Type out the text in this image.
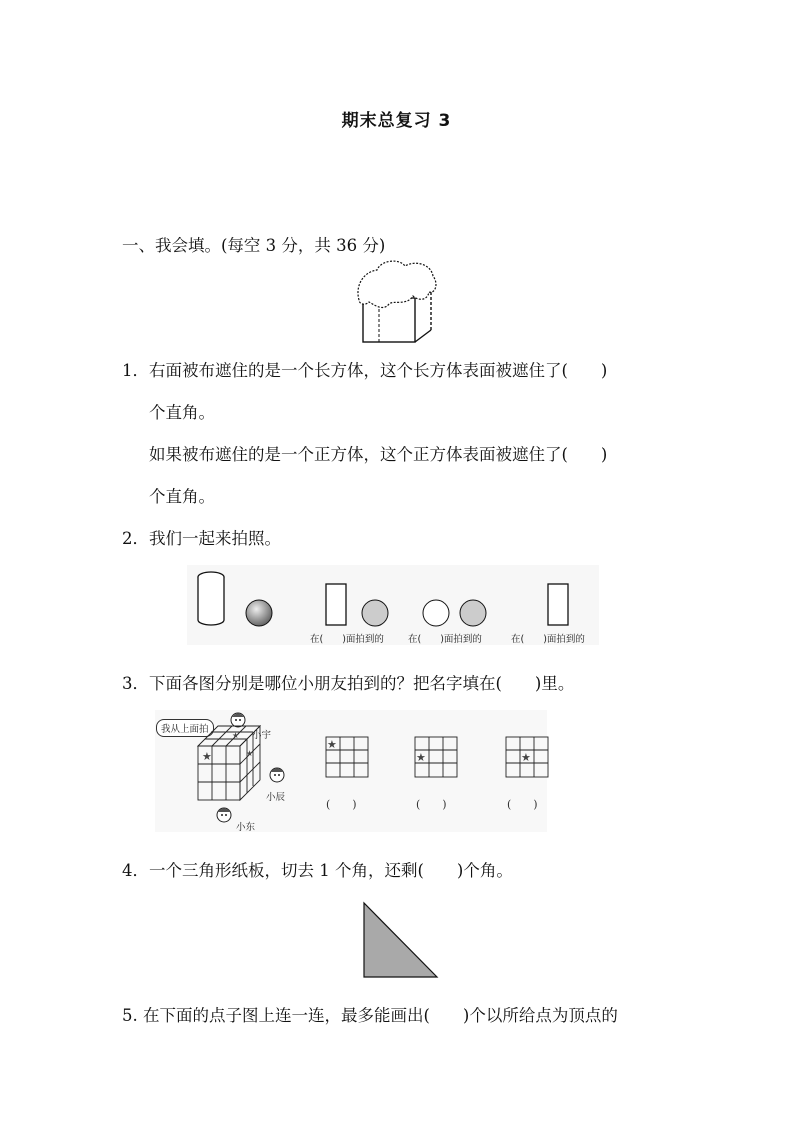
期末总复习 3
一、我会填。(每空 3 分，共 36 分)
1．右面被布遮住的是一个长方体，这个长方体表面被遮住了(　　)
个直角。
如果被布遮住的是一个正方体，这个正方体表面被遮住了(　　)
个直角。
2．我们一起来拍照。
在(　　)面拍到的	在(　　)面拍到的	在(　　)面拍到的
3．下面各图分别是哪位小朋友拍到的？把名字填在(　　)里。
我从上面拍
小宇
★
★
★
小辰
小东
★
★	★
(　　)	(　　)	(　　)
4．一个三角形纸板，切去 1 个角，还剩(　　)个角。
5. 在下面的点子图上连一连，最多能画出(　　)个以所给点为顶点的
